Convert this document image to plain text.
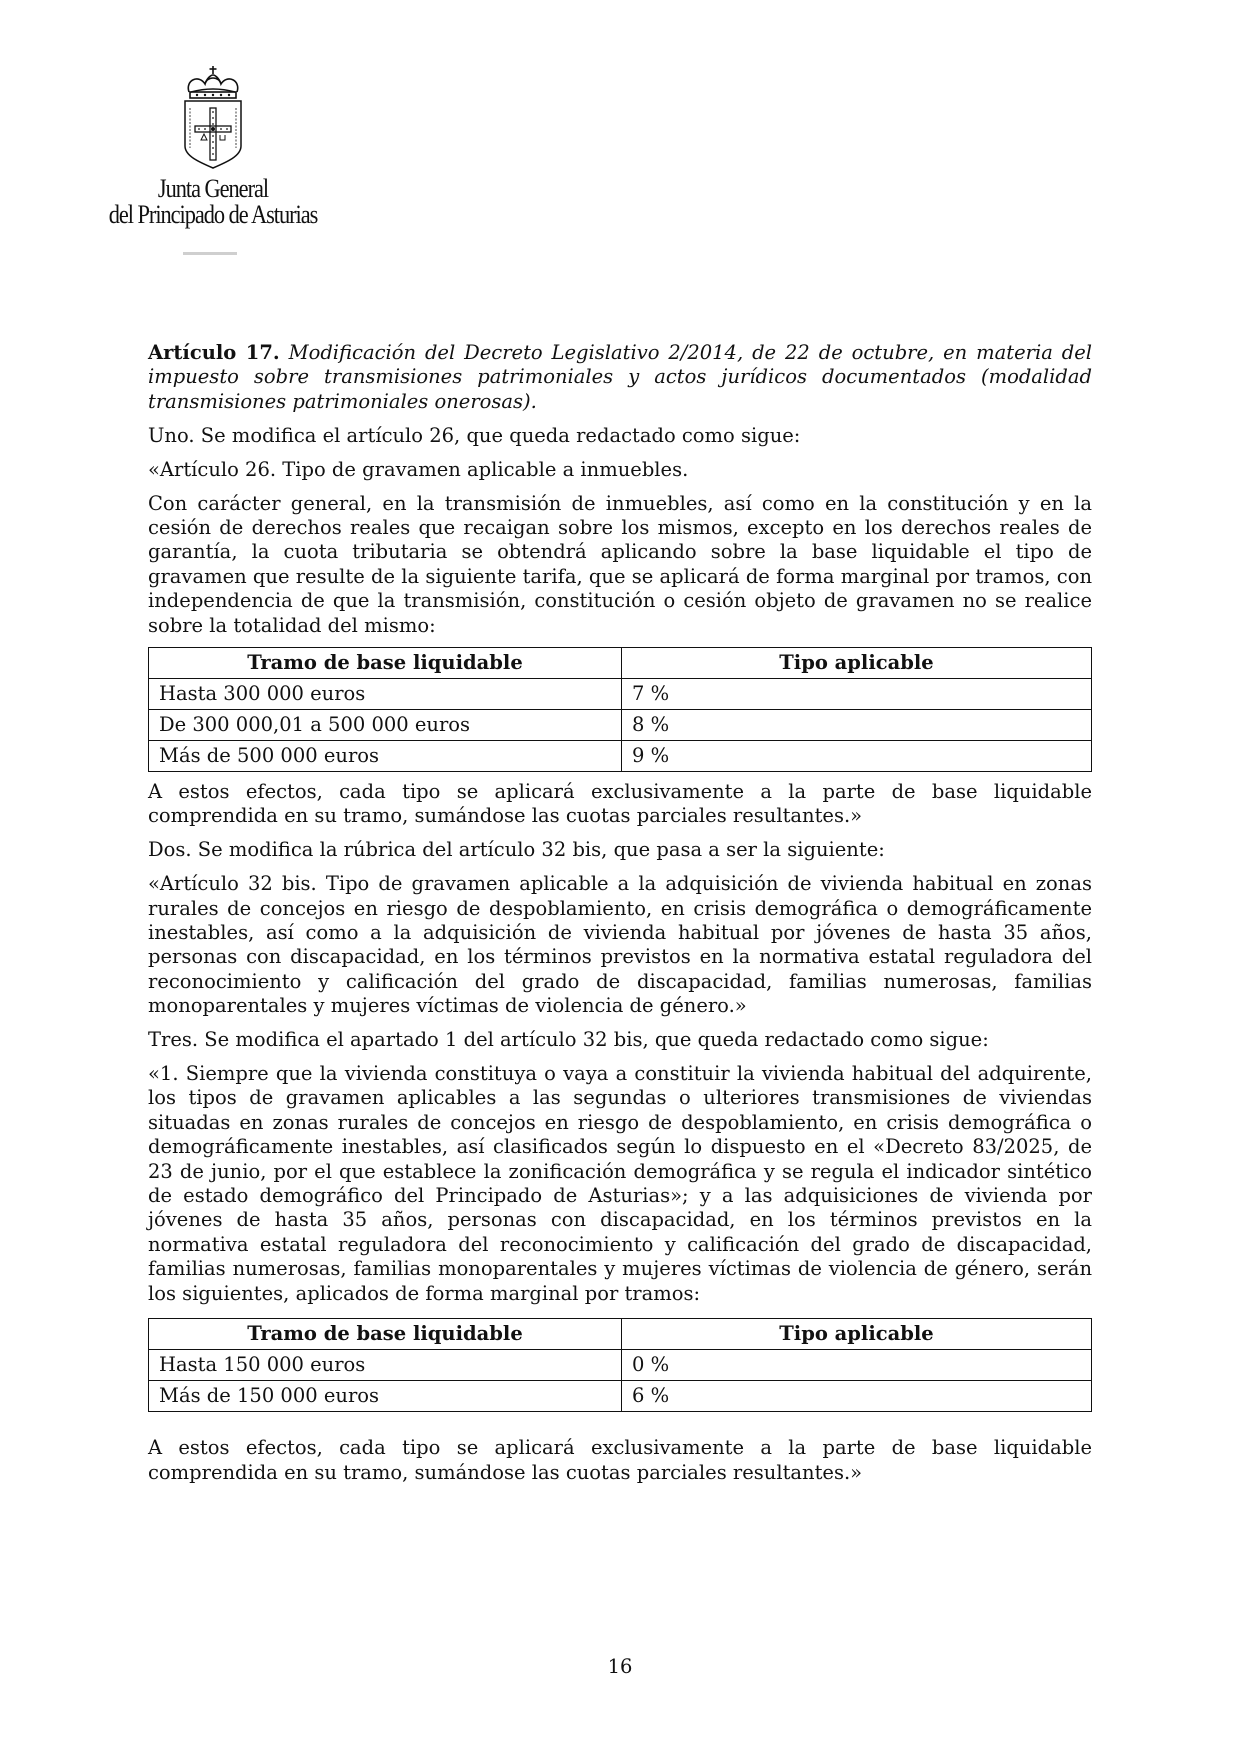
Junta General
del Principado de Asturias

Artículo 17. Modificación del Decreto Legislativo 2/2014, de 22 de octubre, en materia del impuesto sobre transmisiones patrimoniales y actos jurídicos documentados (modalidad transmisiones patrimoniales onerosas).

Uno. Se modifica el artículo 26, que queda redactado como sigue:

«Artículo 26. Tipo de gravamen aplicable a inmuebles.

Con carácter general, en la transmisión de inmuebles, así como en la constitución y en la cesión de derechos reales que recaigan sobre los mismos, excepto en los derechos reales de garantía, la cuota tributaria se obtendrá aplicando sobre la base liquidable el tipo de gravamen que resulte de la siguiente tarifa, que se aplicará de forma marginal por tramos, con independencia de que la transmisión, constitución o cesión objeto de gravamen no se realice sobre la totalidad del mismo:

Tramo de base liquidable	Tipo aplicable
Hasta 300 000 euros	7 %
De 300 000,01 a 500 000 euros	8 %
Más de 500 000 euros	9 %

A estos efectos, cada tipo se aplicará exclusivamente a la parte de base liquidable comprendida en su tramo, sumándose las cuotas parciales resultantes.»

Dos. Se modifica la rúbrica del artículo 32 bis, que pasa a ser la siguiente:

«Artículo 32 bis. Tipo de gravamen aplicable a la adquisición de vivienda habitual en zonas rurales de concejos en riesgo de despoblamiento, en crisis demográfica o demográficamente inestables, así como a la adquisición de vivienda habitual por jóvenes de hasta 35 años, personas con discapacidad, en los términos previstos en la normativa estatal reguladora del reconocimiento y calificación del grado de discapacidad, familias numerosas, familias monoparentales y mujeres víctimas de violencia de género.»

Tres. Se modifica el apartado 1 del artículo 32 bis, que queda redactado como sigue:

«1. Siempre que la vivienda constituya o vaya a constituir la vivienda habitual del adquirente, los tipos de gravamen aplicables a las segundas o ulteriores transmisiones de viviendas situadas en zonas rurales de concejos en riesgo de despoblamiento, en crisis demográfica o demográficamente inestables, así clasificados según lo dispuesto en el «Decreto 83/2025, de 23 de junio, por el que establece la zonificación demográfica y se regula el indicador sintético de estado demográfico del Principado de Asturias»; y a las adquisiciones de vivienda por jóvenes de hasta 35 años, personas con discapacidad, en los términos previstos en la normativa estatal reguladora del reconocimiento y calificación del grado de discapacidad, familias numerosas, familias monoparentales y mujeres víctimas de violencia de género, serán los siguientes, aplicados de forma marginal por tramos:

Tramo de base liquidable	Tipo aplicable
Hasta 150 000 euros	0 %
Más de 150 000 euros	6 %

A estos efectos, cada tipo se aplicará exclusivamente a la parte de base liquidable comprendida en su tramo, sumándose las cuotas parciales resultantes.»

16
